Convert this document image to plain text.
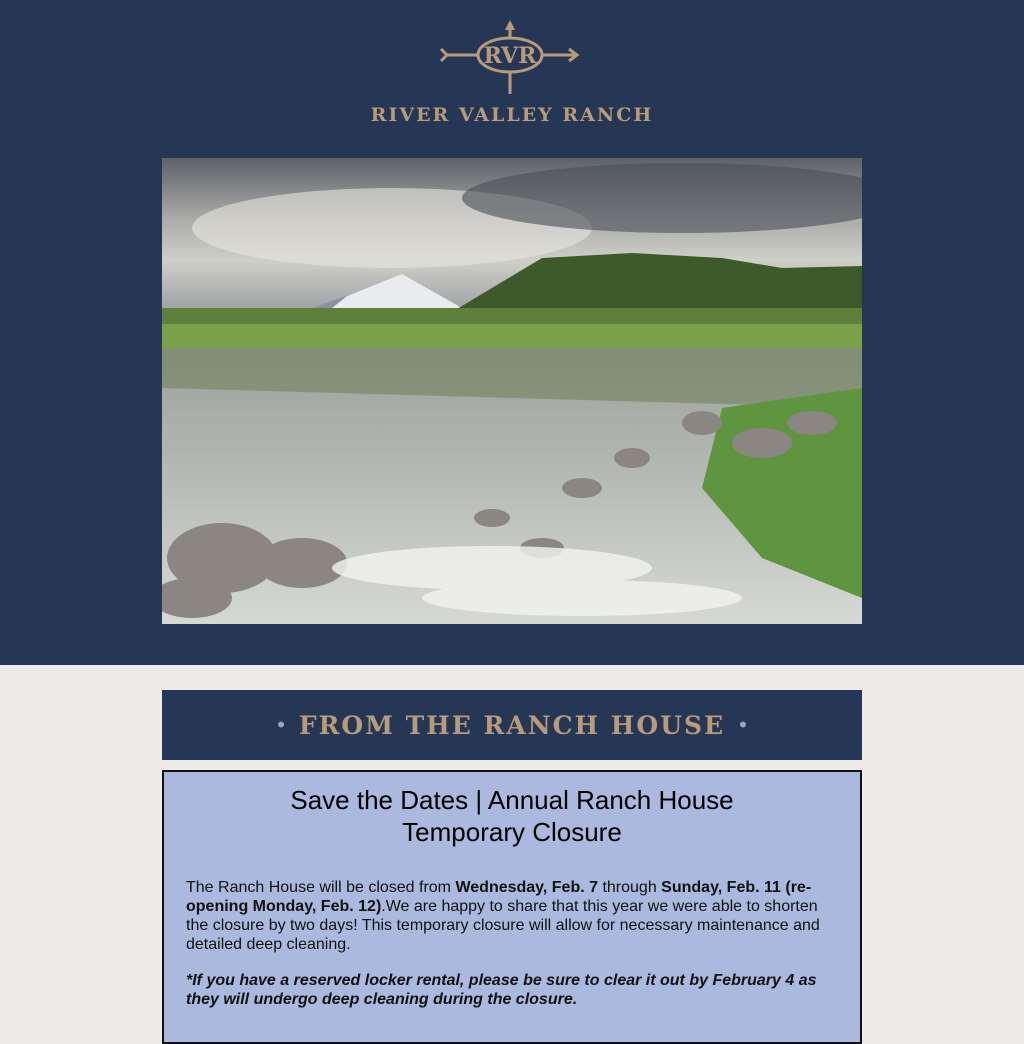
RVR
RIVER VALLEY RANCH
• FROM THE RANCH HOUSE •
Save the Dates | Annual Ranch House
Temporary Closure

The Ranch House will be closed from Wednesday, Feb. 7 through Sunday, Feb. 11 (re-opening Monday, Feb. 12).We are happy to share that this year we were able to shorten the closure by two days! This temporary closure will allow for necessary maintenance and detailed deep cleaning.

*If you have a reserved locker rental, please be sure to clear it out by February 4 as they will undergo deep cleaning during the closure.
